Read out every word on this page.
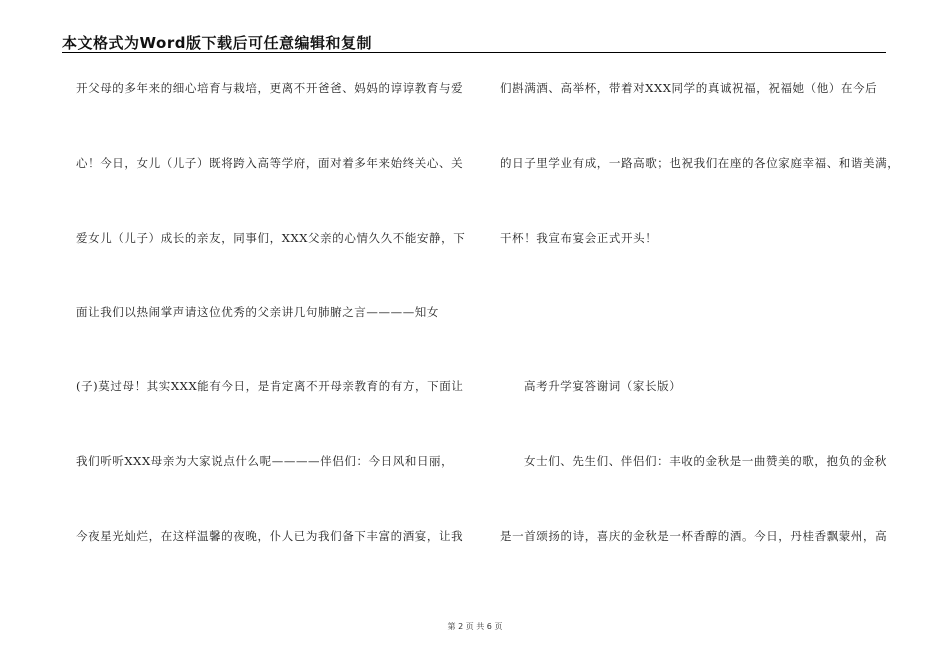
本文格式为Word版下载后可任意编辑和复制
开父母的多年来的细心培育与栽培，更离不开爸爸、妈妈的谆谆教育与爱
心！今日，女儿（儿子）既将跨入高等学府，面对着多年来始终关心、关
爱女儿（儿子）成长的亲友，同事们，XXX父亲的心情久久不能安静，下
面让我们以热闹掌声请这位优秀的父亲讲几句肺腑之言————知女
(子)莫过母！其实XXX能有今日，是肯定离不开母亲教育的有方，下面让
我们听听XXX母亲为大家说点什么呢————伴侣们：今日风和日丽，
今夜星光灿烂，在这样温馨的夜晚，仆人已为我们备下丰富的酒宴，让我
们斟满酒、高举杯，带着对XXX同学的真诚祝福，祝福她（他）在今后
的日子里学业有成，一路高歌；也祝我们在座的各位家庭幸福、和谐美满，
干杯！我宣布宴会正式开头！
高考升学宴答谢词（家长版）
女士们、先生们、伴侣们：丰收的金秋是一曲赞美的歌，抱负的金秋
是一首颂扬的诗，喜庆的金秋是一杯香醇的酒。今日，丹桂香飘蒙州，高
第 2 页 共 6 页
